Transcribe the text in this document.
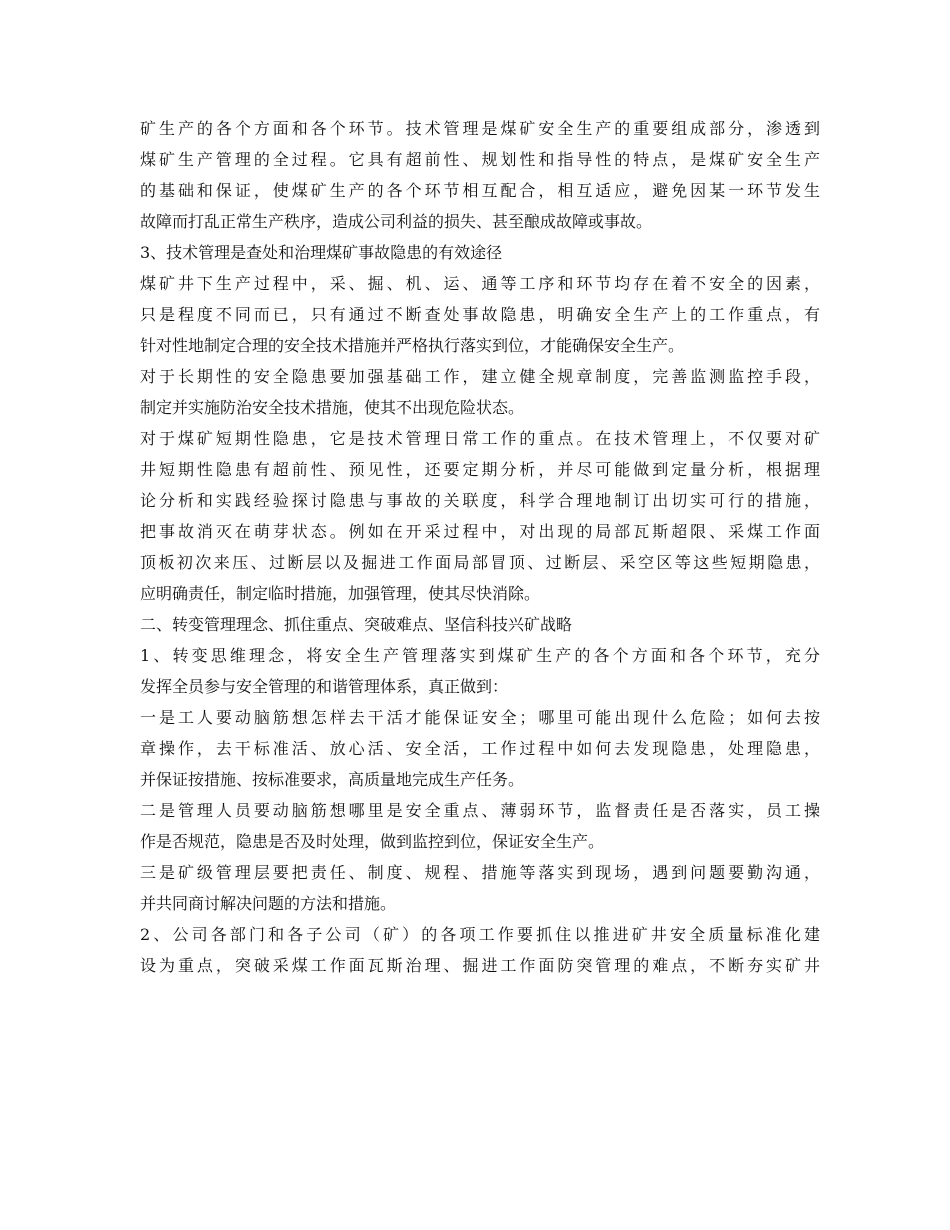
矿生产的各个方面和各个环节。技术管理是煤矿安全生产的重要组成部分，渗透到
煤矿生产管理的全过程。它具有超前性、规划性和指导性的特点，是煤矿安全生产
的基础和保证，使煤矿生产的各个环节相互配合，相互适应，避免因某一环节发生
故障而打乱正常生产秩序，造成公司利益的损失、甚至酿成故障或事故。
3、技术管理是查处和治理煤矿事故隐患的有效途径
煤矿井下生产过程中，采、掘、机、运、通等工序和环节均存在着不安全的因素，
只是程度不同而已，只有通过不断查处事故隐患，明确安全生产上的工作重点，有
针对性地制定合理的安全技术措施并严格执行落实到位，才能确保安全生产。
对于长期性的安全隐患要加强基础工作，建立健全规章制度，完善监测监控手段，
制定并实施防治安全技术措施，使其不出现危险状态。
对于煤矿短期性隐患，它是技术管理日常工作的重点。在技术管理上，不仅要对矿
井短期性隐患有超前性、预见性，还要定期分析，并尽可能做到定量分析，根据理
论分析和实践经验探讨隐患与事故的关联度，科学合理地制订出切实可行的措施，
把事故消灭在萌芽状态。例如在开采过程中，对出现的局部瓦斯超限、采煤工作面
顶板初次来压、过断层以及掘进工作面局部冒顶、过断层、采空区等这些短期隐患，
应明确责任，制定临时措施，加强管理，使其尽快消除。
二、转变管理理念、抓住重点、突破难点、坚信科技兴矿战略
1、转变思维理念，将安全生产管理落实到煤矿生产的各个方面和各个环节，充分
发挥全员参与安全管理的和谐管理体系，真正做到：
一是工人要动脑筋想怎样去干活才能保证安全；哪里可能出现什么危险；如何去按
章操作，去干标准活、放心活、安全活，工作过程中如何去发现隐患，处理隐患，
并保证按措施、按标准要求，高质量地完成生产任务。
二是管理人员要动脑筋想哪里是安全重点、薄弱环节，监督责任是否落实，员工操
作是否规范，隐患是否及时处理，做到监控到位，保证安全生产。
三是矿级管理层要把责任、制度、规程、措施等落实到现场，遇到问题要勤沟通，
并共同商讨解决问题的方法和措施。
2、公司各部门和各子公司（矿）的各项工作要抓住以推进矿井安全质量标准化建
设为重点，突破采煤工作面瓦斯治理、掘进工作面防突管理的难点，不断夯实矿井
